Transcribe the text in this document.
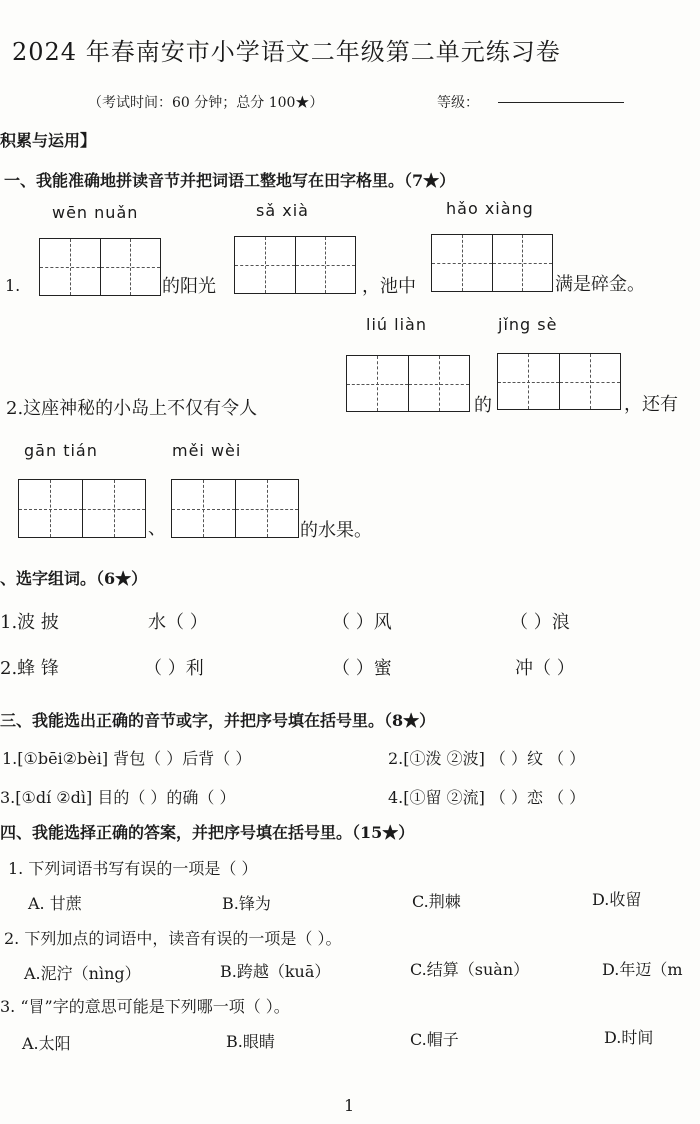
2024 年春南安市小学语文二年级第二单元练习卷
（考试时间：60 分钟；总分 100★）	等级：
积累与运用】
一、我能准确地拼读音节并把词语工整地写在田字格里。（7★）
wēn nuǎn	sǎ xià	hǎo xiàng
1.	的阳光	，池中	满是碎金。
liú liàn	jǐng sè
2.这座神秘的小岛上不仅有令人	的	，还有
gān tián	měi wèi
、	的水果。
、选字组词。（6★）
1.波 披	水（ ）	（ ）风	（ ）浪
2.蜂 锋	（ ）利	（ ）蜜	冲（ ）
三、我能选出正确的音节或字，并把序号填在括号里。（8★）
1.[①bēi②bèi] 背包（ ）后背（ ）	2.[①泼 ②波] （ ）纹 （ ）
3.[①dí ②dì] 目的（ ）的确（ ）	4.[①留 ②流] （ ）恋 （ ）
四、我能选择正确的答案，并把序号填在括号里。（15★）
1. 下列词语书写有误的一项是（ ）
A. 甘蔗	B.锋为	C.荆棘	D.收留
2. 下列加点的词语中，读音有误的一项是（ ）。
A.泥泞（nìng）	B.跨越（kuā）	C.结算（suàn）	D.年迈（m
3. “冒”字的意思可能是下列哪一项（ ）。
A.太阳	B.眼睛	C.帽子	D.时间
1
